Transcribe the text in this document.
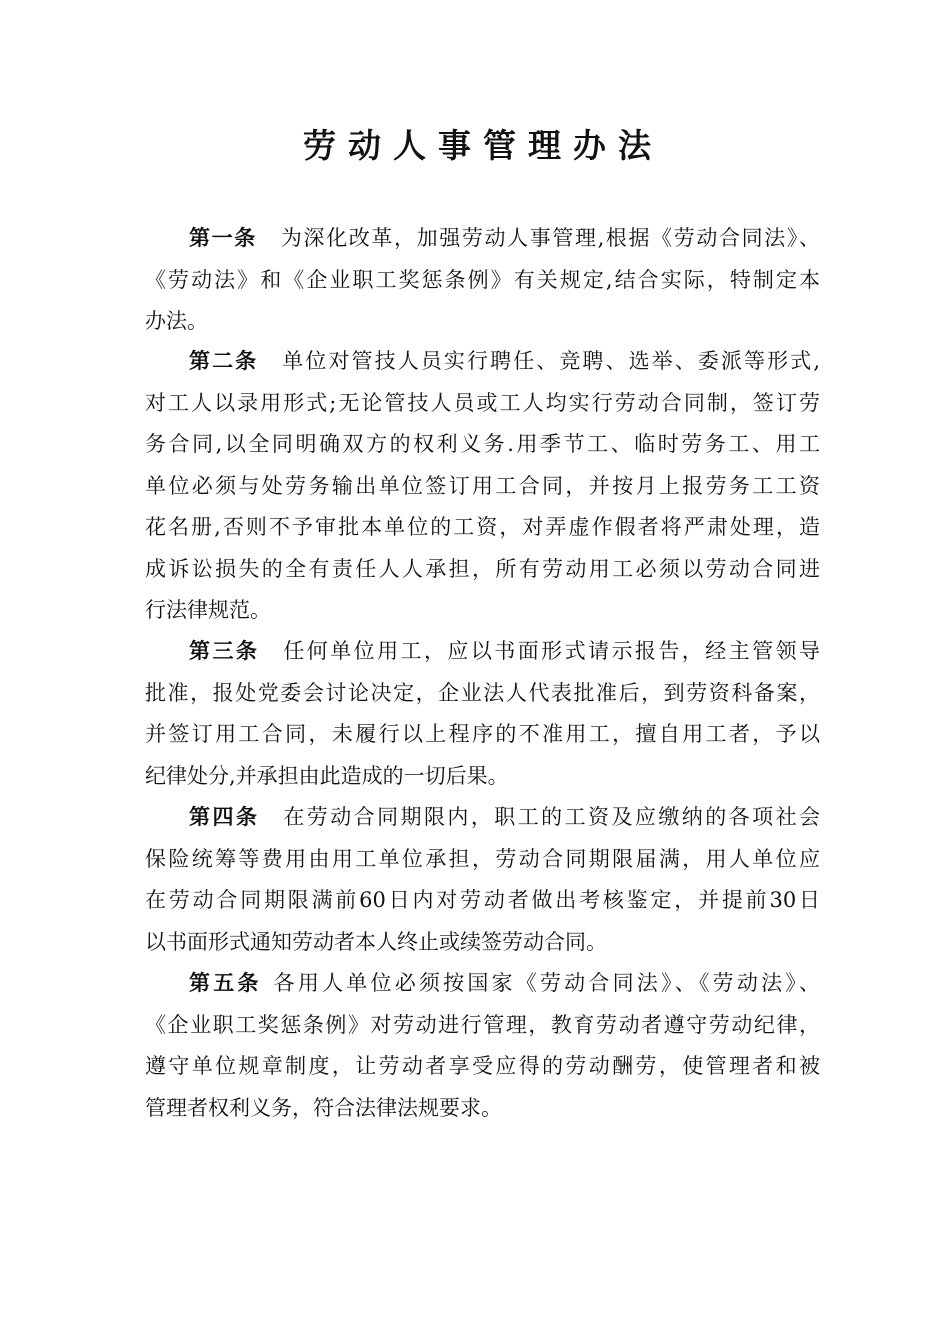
劳动人事管理办法
第一条 为深化改革，加强劳动人事管理,根据《劳动合同法》、
《劳动法》和《企业职工奖惩条例》有关规定,结合实际，特制定本
办法。
第二条 单位对管技人员实行聘任、竞聘、选举、委派等形式,
对工人以录用形式;无论管技人员或工人均实行劳动合同制，签订劳
务合同,以全同明确双方的权利义务.用季节工、临时劳务工、用工
单位必须与处劳务输出单位签订用工合同，并按月上报劳务工工资
花名册,否则不予审批本单位的工资，对弄虚作假者将严肃处理，造
成诉讼损失的全有责任人人承担，所有劳动用工必须以劳动合同进
行法律规范。
第三条 任何单位用工，应以书面形式请示报告，经主管领导
批准，报处党委会讨论决定，企业法人代表批准后，到劳资科备案，
并签订用工合同，未履行以上程序的不准用工，擅自用工者，予以
纪律处分,并承担由此造成的一切后果。
第四条 在劳动合同期限内，职工的工资及应缴纳的各项社会
保险统筹等费用由用工单位承担，劳动合同期限届满，用人单位应
在劳动合同期限满前60日内对劳动者做出考核鉴定，并提前30日
以书面形式通知劳动者本人终止或续签劳动合同。
第五条 各用人单位必须按国家《劳动合同法》、《劳动法》、
《企业职工奖惩条例》对劳动进行管理，教育劳动者遵守劳动纪律，
遵守单位规章制度，让劳动者享受应得的劳动酬劳，使管理者和被
管理者权利义务，符合法律法规要求。
